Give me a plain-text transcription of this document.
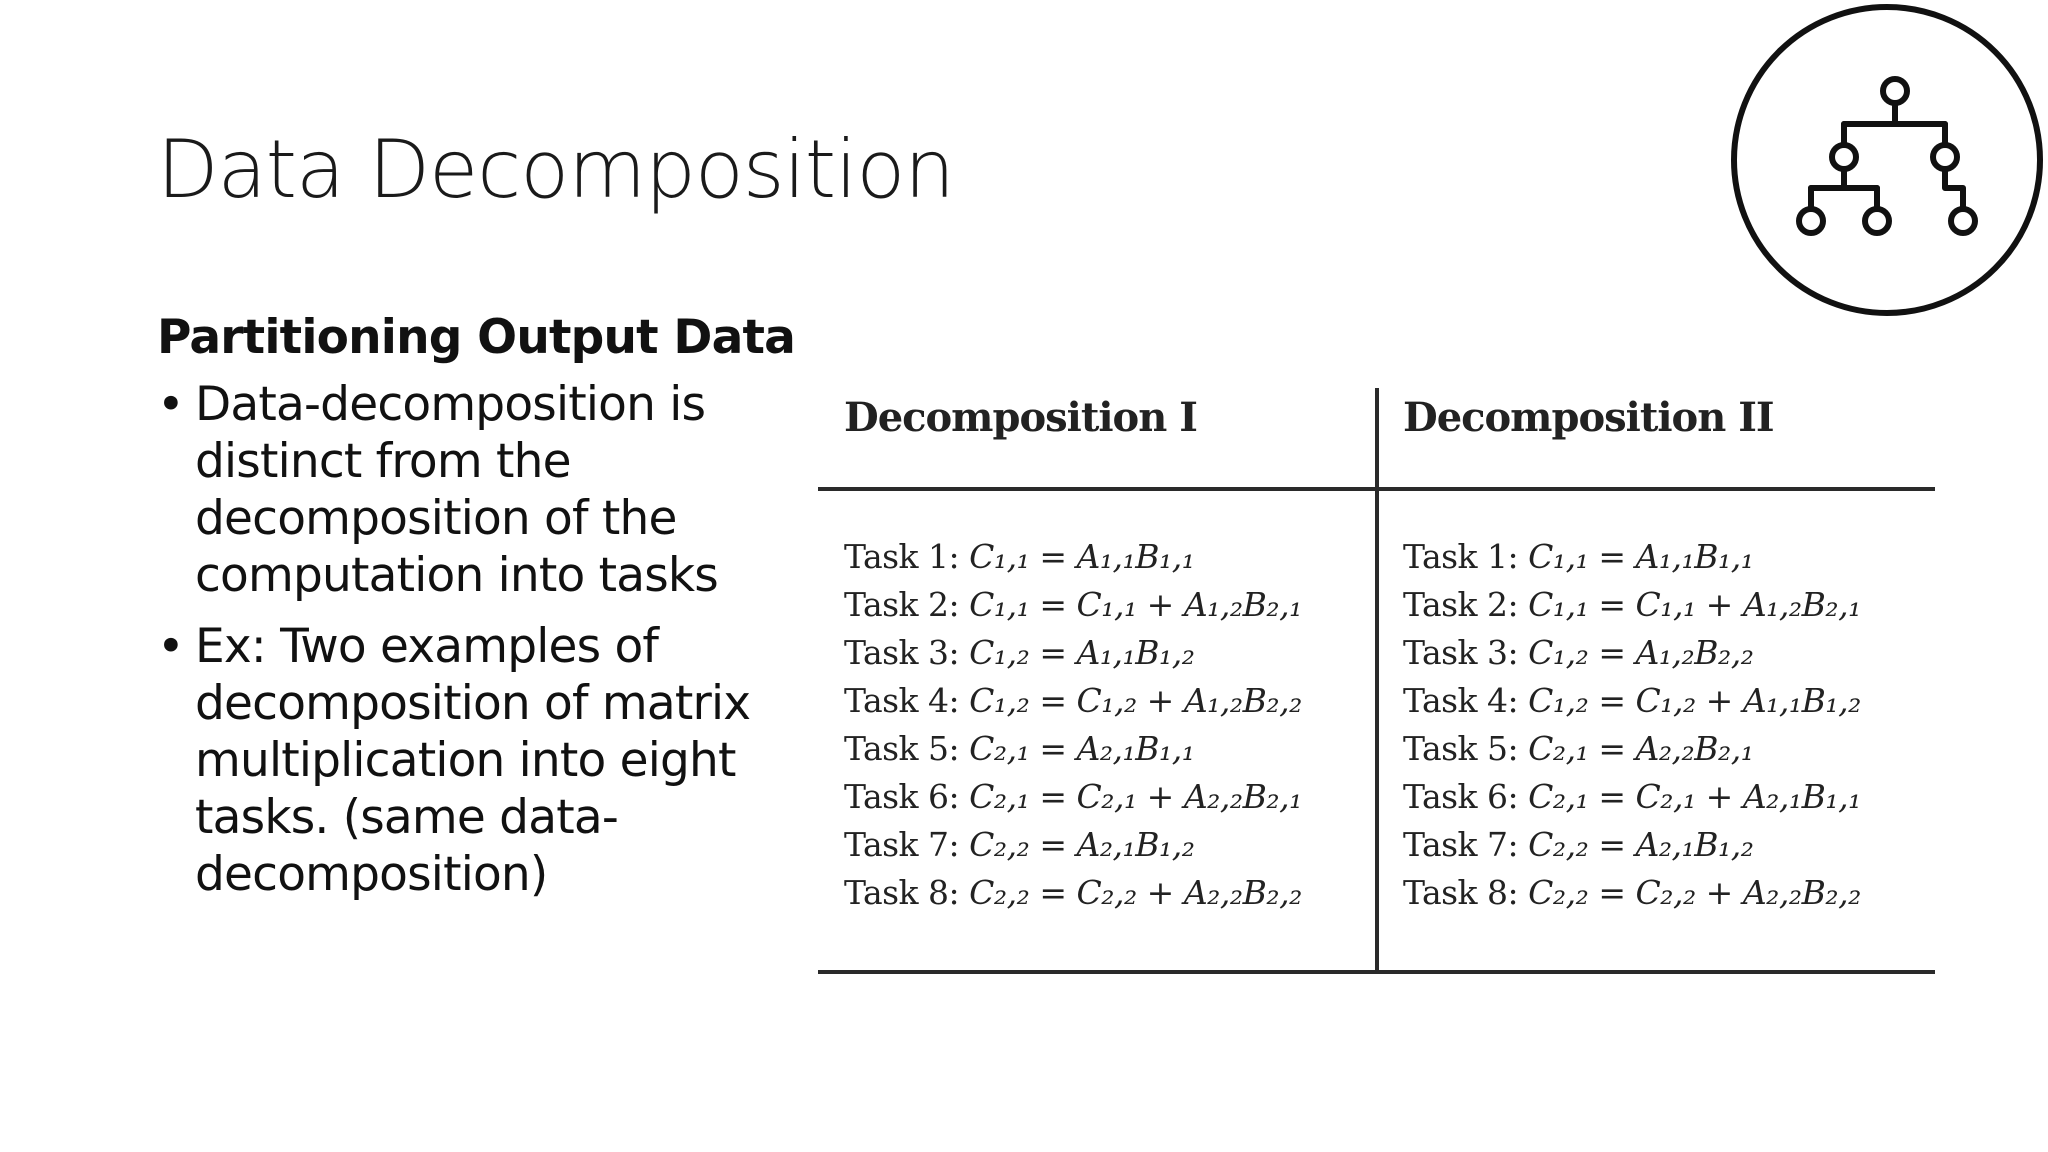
Data Decomposition
Partitioning Output Data
• Data-decomposition is distinct from the decomposition of the computation into tasks
• Ex: Two examples of decomposition of matrix multiplication into eight tasks. (same data-decomposition)
Decomposition I	Decomposition II
Task 1: C₁,₁ = A₁,₁B₁,₁
Task 2: C₁,₁ = C₁,₁ + A₁,₂B₂,₁
Task 3: C₁,₂ = A₁,₁B₁,₂
Task 4: C₁,₂ = C₁,₂ + A₁,₂B₂,₂
Task 5: C₂,₁ = A₂,₁B₁,₁
Task 6: C₂,₁ = C₂,₁ + A₂,₂B₂,₁
Task 7: C₂,₂ = A₂,₁B₁,₂
Task 8: C₂,₂ = C₂,₂ + A₂,₂B₂,₂
Task 1: C₁,₁ = A₁,₁B₁,₁
Task 2: C₁,₁ = C₁,₁ + A₁,₂B₂,₁
Task 3: C₁,₂ = A₁,₂B₂,₂
Task 4: C₁,₂ = C₁,₂ + A₁,₁B₁,₂
Task 5: C₂,₁ = A₂,₂B₂,₁
Task 6: C₂,₁ = C₂,₁ + A₂,₁B₁,₁
Task 7: C₂,₂ = A₂,₁B₁,₂
Task 8: C₂,₂ = C₂,₂ + A₂,₂B₂,₂
